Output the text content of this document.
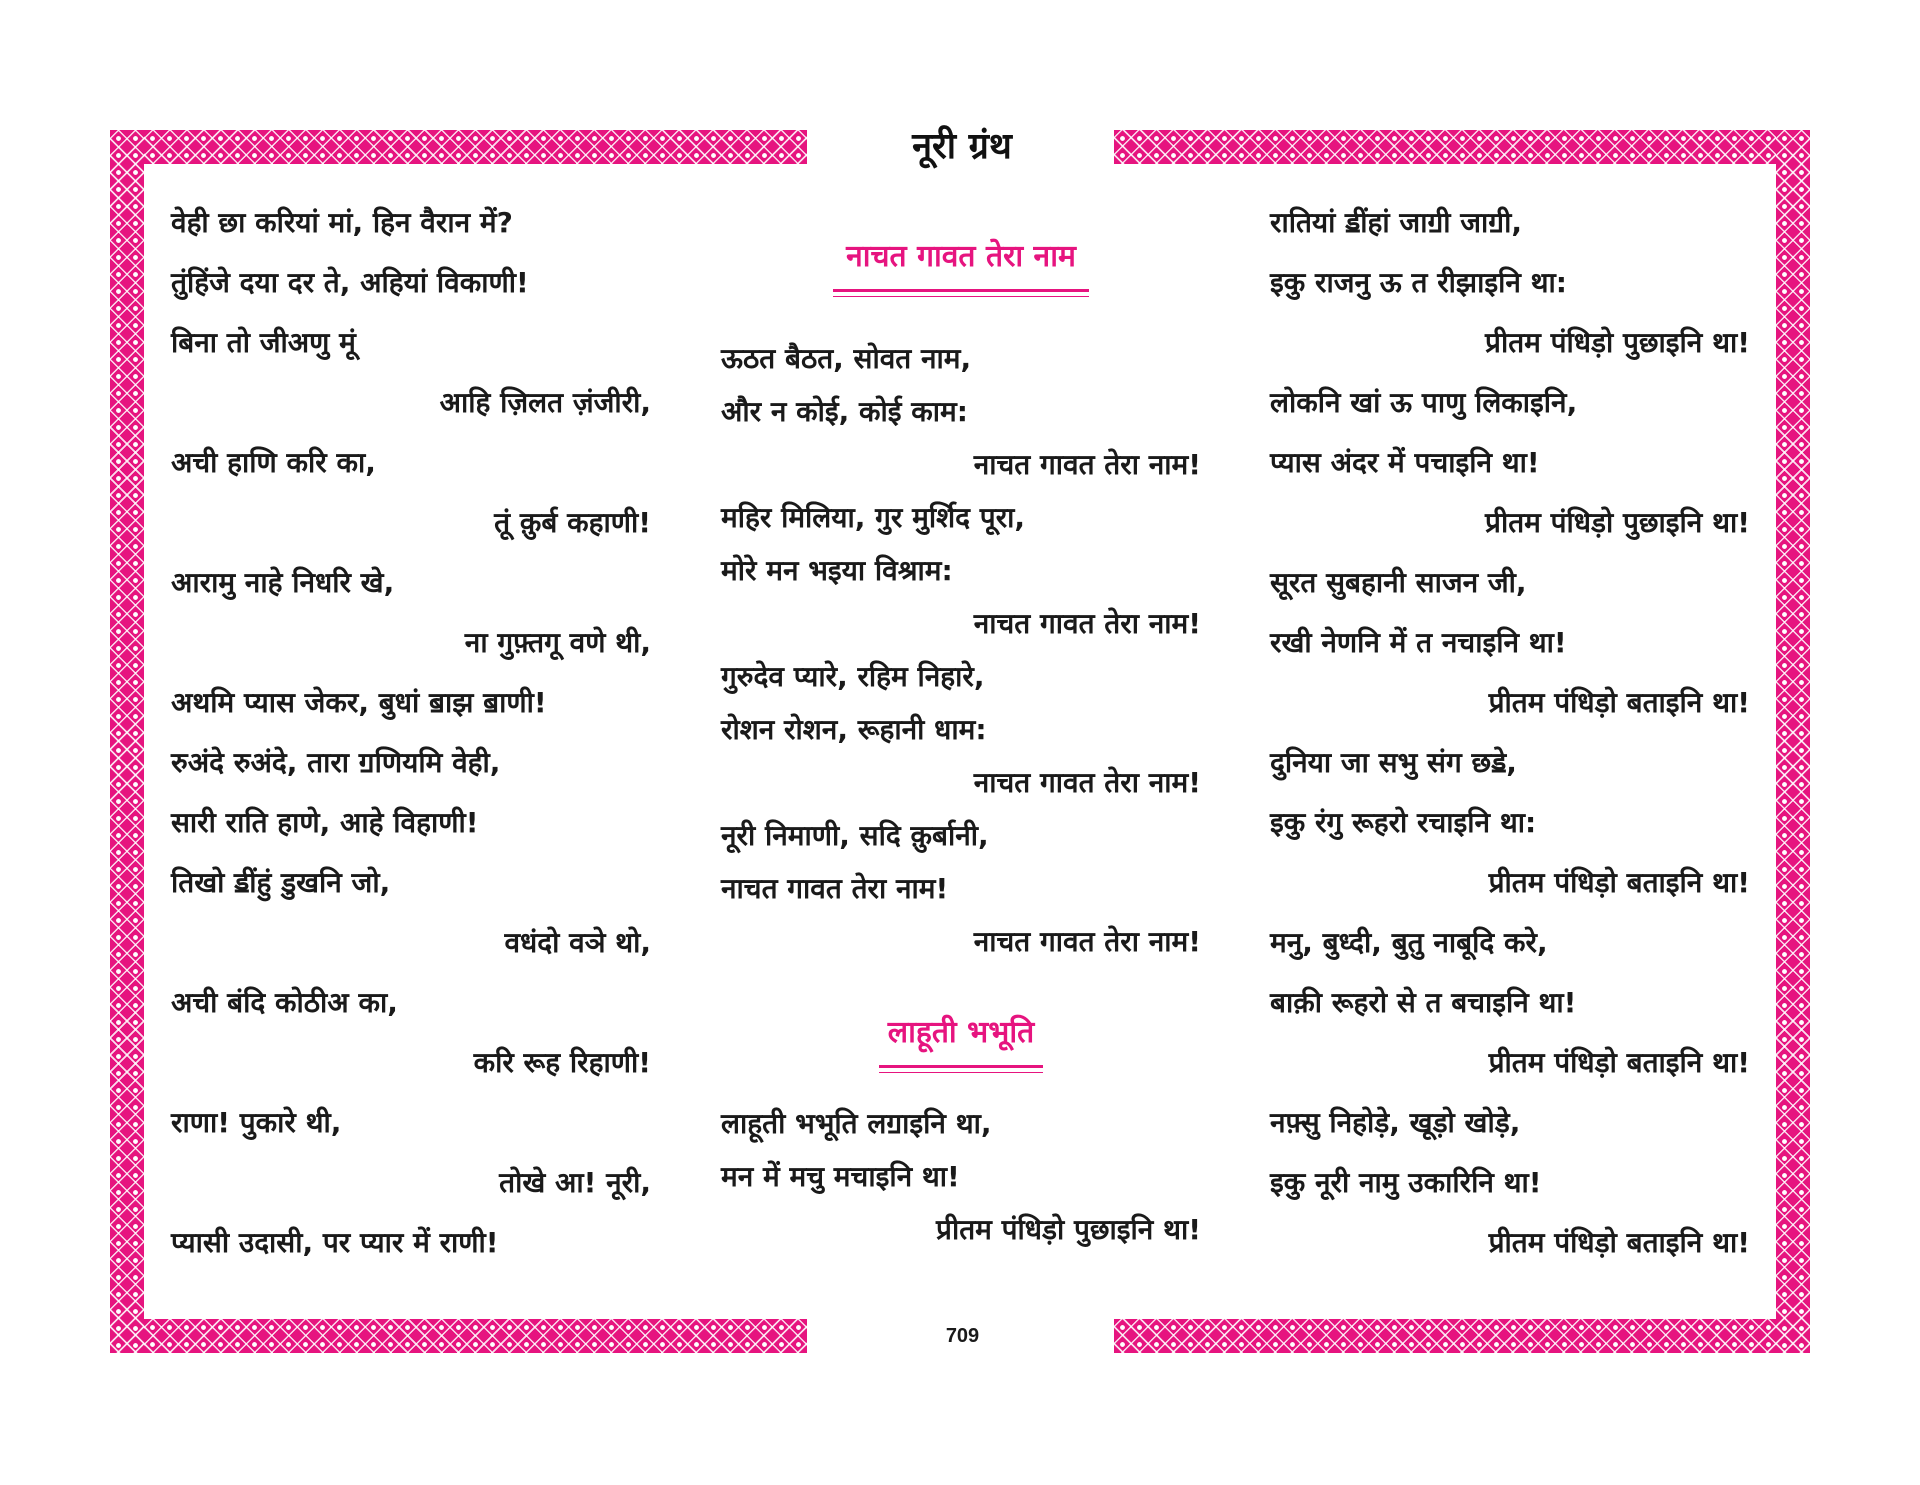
नूरी ग्रंथ
वेही छा करियां मां, हिन वैरान में?
तुंहिंजे दया दर ते, अहियां विकाणी!
बिना तो जीअणु मूं
आहि ज़िलत ज़ंजीरी,
अची हाणि करि का,
तूं क़ुर्ब कहाणी!
आरामु नाहे निधरि खे,
ना गुफ़्तगू वणे थी,
अथमि प्यास जेकर, बुधां ॿाझ ॿाणी!
रुअंदे रुअंदे, तारा ॻणियमि वेही,
सारी राति हाणे, आहे विहाणी!
तिखो ॾींहुं डुखनि जो,
वधंदो वञे थो,
अची बंदि कोठीअ का,
करि रूह रिहाणी!
राणा! पुकारे थी,
तोखे आ! नूरी,
प्यासी उदासी, पर प्यार में राणी!
नाचत गावत तेरा नाम
ऊठत बैठत, सोवत नाम,
और न कोई, कोई काम:
नाचत गावत तेरा नाम!
महिर मिलिया, गुर मुर्शिद पूरा,
मोरे मन भइया विश्राम:
नाचत गावत तेरा नाम!
गुरुदेव प्यारे, रहिम निहारे,
रोशन रोशन, रूहानी धाम:
नाचत गावत तेरा नाम!
नूरी निमाणी, सदि क़ुर्बानी,
नाचत गावत तेरा नाम!
नाचत गावत तेरा नाम!
लाहूती भभूति
लाहूती भभूति लॻाइनि था,
मन में मचु मचाइनि था!
प्रीतम पंधिड़ो पुछाइनि था!
रातियां ॾींहां जाॻी जाॻी,
इकु राजनु ऊ त रीझाइनि था:
प्रीतम पंधिड़ो पुछाइनि था!
लोकनि खां ऊ पाणु लिकाइनि,
प्यास अंदर में पचाइनि था!
प्रीतम पंधिड़ो पुछाइनि था!
सूरत सुबहानी साजन जी,
रखी नेणनि में त नचाइनि था!
प्रीतम पंधिड़ो बताइनि था!
दुनिया जा सभु संग छॾे,
इकु रंगु रूहरो रचाइनि था:
प्रीतम पंधिड़ो बताइनि था!
मनु, बुध्दी, बुतु नाबूदि करे,
बाक़ी रूहरो से त बचाइनि था!
प्रीतम पंधिड़ो बताइनि था!
नफ़्सु निहोड़े, खूड़ो खोड़े,
इकु नूरी नामु उकारिनि था!
प्रीतम पंधिड़ो बताइनि था!
709
